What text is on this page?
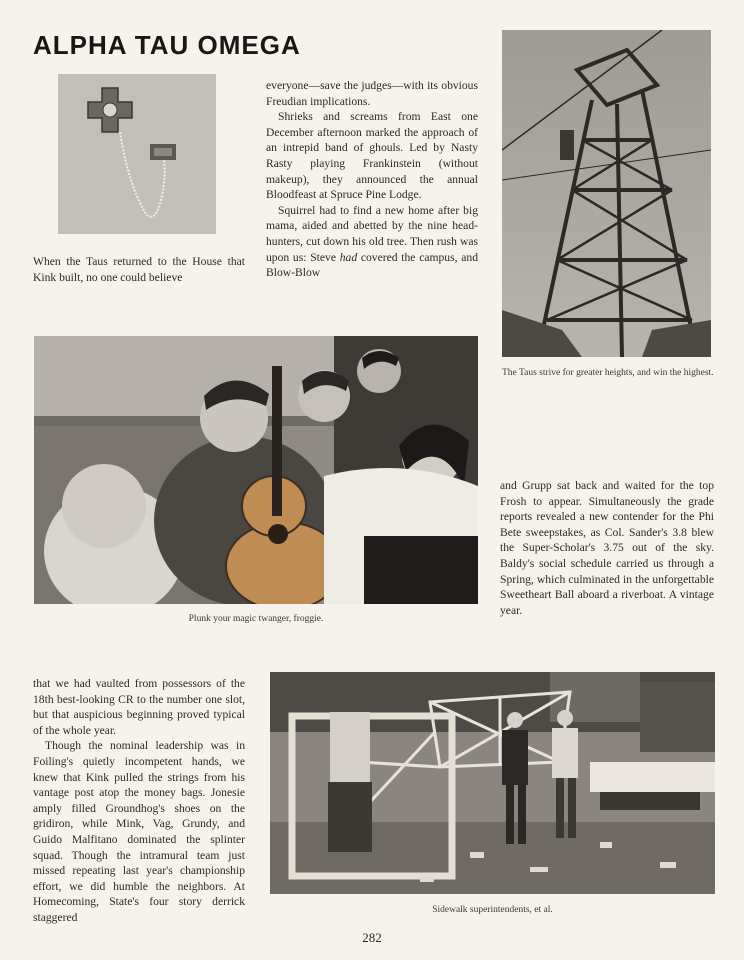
ALPHA TAU OMEGA

When the Taus returned to the House that Kink built, no one could believe

everyone—save the judges—with its obvious Freudian implications.

Shrieks and screams from East one December afternoon marked the approach of an intrepid band of ghouls. Led by Nasty Rasty playing Frankinstein (without makeup), they announced the annual Bloodfeast at Spruce Pine Lodge.

Squirrel had to find a new home after big mama, aided and abetted by the nine head-hunters, cut down his old tree. Then rush was upon us: Steve had covered the campus, and Blow-Blow

The Taus strive for greater heights, and win the highest.
Plunk your magic twanger, froggie.

and Grupp sat back and waited for the top Frosh to appear. Simultaneously the grade reports revealed a new contender for the Phi Bete sweepstakes, as Col. Sander's 3.8 blew the Super-Scholar's 3.75 out of the sky. Baldy's social schedule carried us through a Spring, which culminated in the unforgettable Sweetheart Ball aboard a riverboat. A vintage year.

that we had vaulted from possessors of the 18th best-looking CR to the number one slot, but that auspicious beginning proved typical of the whole year.

Though the nominal leadership was in Foiling's quietly incompetent hands, we knew that Kink pulled the strings from his vantage post atop the money bags. Jonesie amply filled Groundhog's shoes on the gridiron, while Mink, Vag, Grundy, and Guido Malfitano dominated the splinter squad. Though the intramural team just missed repeating last year's championship effort, we did humble the neighbors. At Homecoming, State's four story derrick staggered

Sidewalk superintendents, et al.
282
